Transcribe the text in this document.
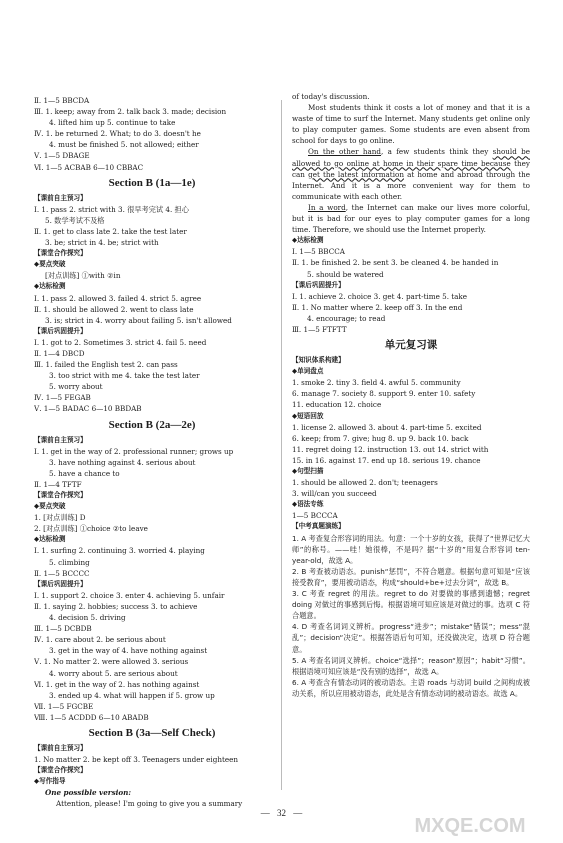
Ⅱ. 1—5 BBCDA
Ⅲ. 1. keep; away from 2. talk back 3. made; decision
4. lifted him up 5. continue to take
Ⅳ. 1. be returned 2. What; to do 3. doesn't he
4. must be finished 5. not allowed; either
Ⅴ. 1—5 DBAGE
Ⅵ. 1—5 ACBAB 6—10 CBBAC
Section B (1a—1e)
【课前自主预习】
Ⅰ. 1. pass 2. strict with 3. 很早考完试 4. 担心
5. 数学考试不及格
Ⅱ. 1. get to class late 2. take the test later
3. be; strict in 4. be; strict with
【课堂合作探究】
◆要点突破
[对点训练] ①with ②in
◆达标检测
Ⅰ. 1. pass 2. allowed 3. failed 4. strict 5. agree
Ⅱ. 1. should be allowed 2. went to class late
3. is; strict in 4. worry about failing 5. isn't allowed
【课后巩固提升】
Ⅰ. 1. got to 2. Sometimes 3. strict 4. fail 5. need
Ⅱ. 1—4 DBCD
Ⅲ. 1. failed the English test 2. can pass
3. too strict with me 4. take the test later
5. worry about
Ⅳ. 1—5 FEGAB
Ⅴ. 1—5 BADAC 6—10 BBDAB
Section B (2a—2e)
【课前自主预习】
Ⅰ. 1. get in the way of 2. professional runner; grows up
3. have nothing against 4. serious about
5. have a chance to
Ⅱ. 1—4 TFTF
【课堂合作探究】
◆要点突破
1. [对点训练] D
2. [对点训练] ①choice ②to leave
◆达标检测
Ⅰ. 1. surfing 2. continuing 3. worried 4. playing
5. climbing
Ⅱ. 1—5 BCCCC
【课后巩固提升】
Ⅰ. 1. support 2. choice 3. enter 4. achieving 5. unfair
Ⅱ. 1. saying 2. hobbies; success 3. to achieve
4. decision 5. driving
Ⅲ. 1—5 DCBDB
Ⅳ. 1. care about 2. be serious about
3. get in the way of 4. have nothing against
Ⅴ. 1. No matter 2. were allowed 3. serious
4. worry about 5. are serious about
Ⅵ. 1. get in the way of 2. has nothing against
3. ended up 4. what will happen if 5. grow up
Ⅶ. 1—5 FGCBE
Ⅷ. 1—5 ACDDD 6—10 ABADB
Section B (3a—Self Check)
【课前自主预习】
1. No matter 2. be kept off 3. Teenagers under eighteen
【课堂合作探究】
◆写作指导
One possible version:
Attention, please! I'm going to give you a summary
of today's discussion.
Most students think it costs a lot of money and that it is a waste of time to surf the Internet. Many students get online only to play computer games. Some students are even absent from school for days to go online.
On the other hand, a few students think they should be allowed to go online at home in their spare time because they can get the latest information at home and abroad through the Internet. And it is a more convenient way for them to communicate with each other.
In a word, the Internet can make our lives more colorful, but it is bad for our eyes to play computer games for a long time. Therefore, we should use the Internet properly.
◆达标检测
Ⅰ. 1—5 BBCCA
Ⅱ. 1. be finished 2. be sent 3. be cleaned 4. be handed in
5. should be watered
【课后巩固提升】
Ⅰ. 1. achieve 2. choice 3. get 4. part-time 5. take
Ⅱ. 1. No matter where 2. keep off 3. In the end
4. encourage; to read
Ⅲ. 1—5 FTFTT
单元复习课
【知识体系构建】
◆单词盘点
1. smoke 2. tiny 3. field 4. awful 5. community
6. manage 7. society 8. support 9. enter 10. safety
11. education 12. choice
◆短语回放
1. license 2. allowed 3. about 4. part-time 5. excited
6. keep; from 7. give; hug 8. up 9. back 10. back
11. regret doing 12. instruction 13. out 14. strict with
15. in 16. against 17. end up 18. serious 19. chance
◆句型扫描
1. should be allowed 2. don't; teenagers
3. will/can you succeed
◆语法专练
1—5 BCCCA
【中考真题演练】
1. A 考查复合形容词的用法。句意：一个十岁的女孩，获得了“世界记忆大师”的称号。——哇！她很棒，不是吗？据“十岁的”用复合形容词 ten-year-old，故选 A。
2. B 考查被动语态。punish“惩罚”，不符合题意。根据句意可知是“应该接受教育”，要用被动语态，构成“should+be+过去分词”，故选 B。
3. C 考查 regret 的用法。regret to do 对要做的事感到遗憾；regret doing 对做过的事感到后悔。根据语境可知应该是对做过的事。选项 C 符合题意。
4. D 考查名词词义辨析。progress“进步”；mistake“错误”；mess“混乱”；decision“决定”。根据答语后句可知，还没做决定，选项 D 符合题意。
5. A 考查名词词义辨析。choice“选择”；reason“原因”；habit“习惯”。根据语境可知应该是“没有别的选择”，故选 A。
6. A 考查含有情态动词的被动语态。主语 roads 与动词 build 之间构成被动关系，所以应用被动语态，此处是含有情态动词的被动语态。故选 A。
— 32 —
MXQE.COM
